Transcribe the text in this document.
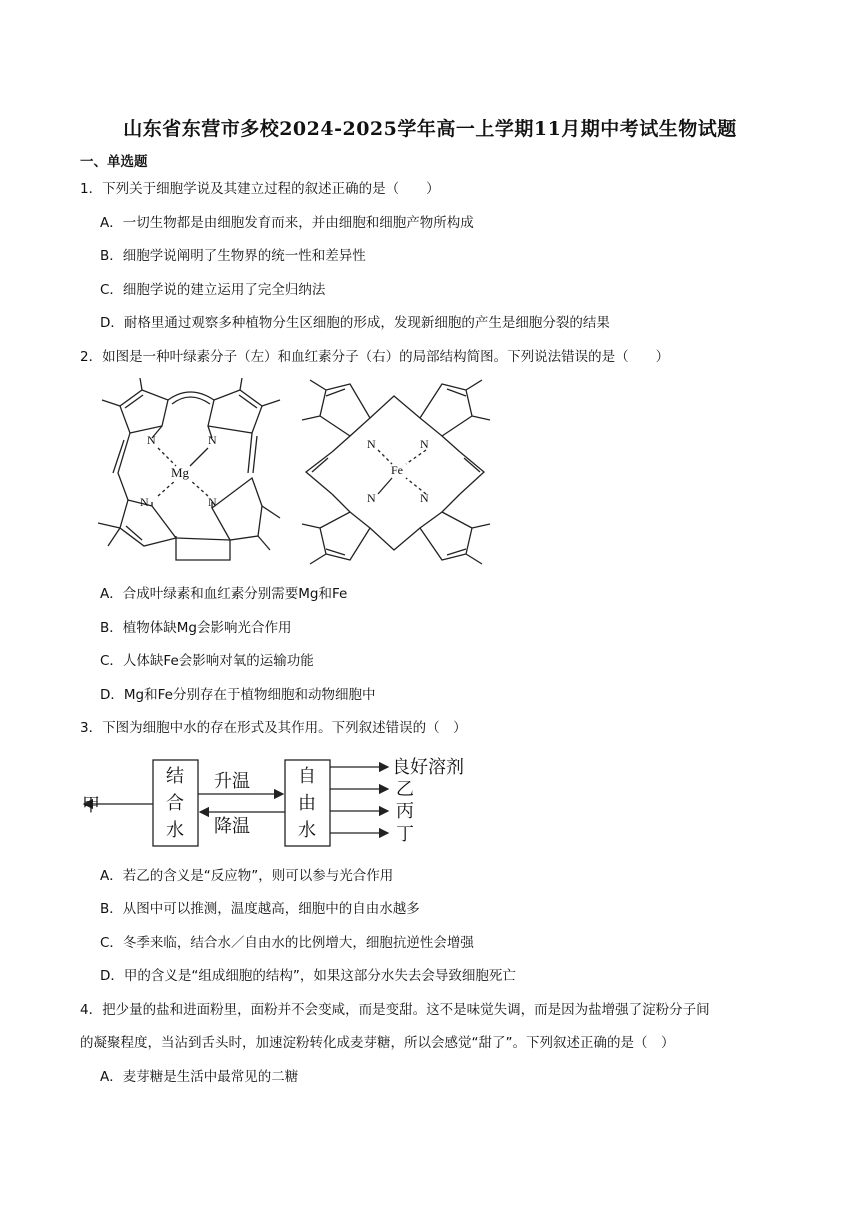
山东省东营市多校2024-2025学年高一上学期11月期中考试生物试题
一、单选题
1．下列关于细胞学说及其建立过程的叙述正确的是（　　）
A．一切生物都是由细胞发育而来，并由细胞和细胞产物所构成
B．细胞学说阐明了生物界的统一性和差异性
C．细胞学说的建立运用了完全归纳法
D．耐格里通过观察多种植物分生区细胞的形成，发现新细胞的产生是细胞分裂的结果
2．如图是一种叶绿素分子（左）和血红素分子（右）的局部结构简图。下列说法错误的是（　　）
N	N
N	N
Mg
N	N
N	N
Fe
A．合成叶绿素和血红素分别需要Mg和Fe
B．植物体缺Mg会影响光合作用
C．人体缺Fe会影响对氧的运输功能
D．Mg和Fe分别存在于植物细胞和动物细胞中
3．下图为细胞中水的存在形式及其作用。下列叙述错误的（　）
结
合
水
自
由
水
升温
降温
甲
良好溶剂
乙
丙
丁
A．若乙的含义是“反应物”，则可以参与光合作用
B．从图中可以推测，温度越高，细胞中的自由水越多
C．冬季来临，结合水／自由水的比例增大，细胞抗逆性会增强
D．甲的含义是“组成细胞的结构”，如果这部分水失去会导致细胞死亡
4．把少量的盐和进面粉里，面粉并不会变咸，而是变甜。这不是味觉失调，而是因为盐增强了淀粉分子间
的凝聚程度，当沾到舌头时，加速淀粉转化成麦芽糖，所以会感觉“甜了”。下列叙述正确的是（　）
A．麦芽糖是生活中最常见的二糖
